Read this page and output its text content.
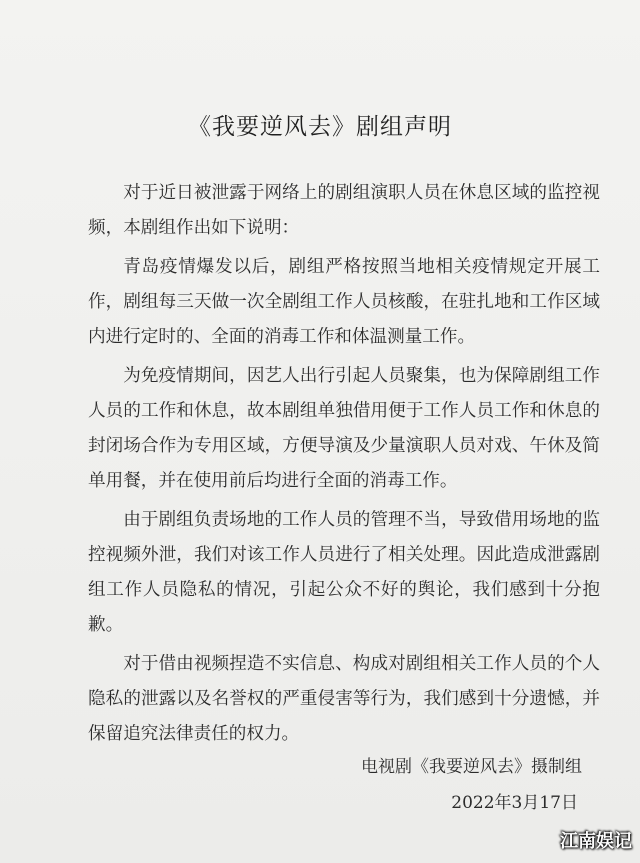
《我要逆风去》剧组声明

对于近日被泄露于网络上的剧组演职人员在休息区域的监控视频，本剧组作出如下说明：

青岛疫情爆发以后，剧组严格按照当地相关疫情规定开展工作，剧组每三天做一次全剧组工作人员核酸，在驻扎地和工作区域内进行定时的、全面的消毒工作和体温测量工作。

为免疫情期间，因艺人出行引起人员聚集，也为保障剧组工作人员的工作和休息，故本剧组单独借用便于工作人员工作和休息的封闭场合作为专用区域，方便导演及少量演职人员对戏、午休及简单用餐，并在使用前后均进行全面的消毒工作。

由于剧组负责场地的工作人员的管理不当，导致借用场地的监控视频外泄，我们对该工作人员进行了相关处理。因此造成泄露剧组工作人员隐私的情况，引起公众不好的舆论，我们感到十分抱歉。

对于借由视频捏造不实信息、构成对剧组相关工作人员的个人隐私的泄露以及名誉权的严重侵害等行为，我们感到十分遗憾，并保留追究法律责任的权力。

电视剧《我要逆风去》摄制组
2022年3月17日
江南娱记
